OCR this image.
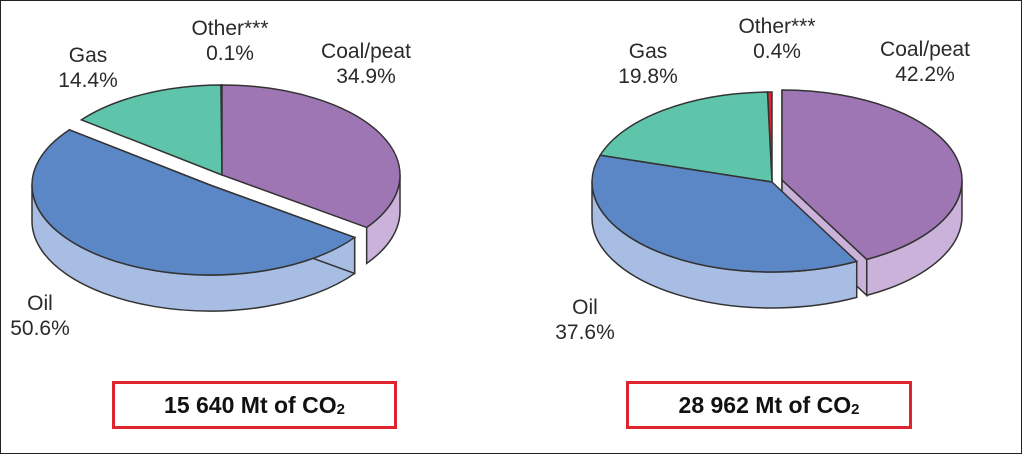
Coal/peat
34.9%
Oil
50.6%
Gas
14.4%
Other***
0.1%	Coal/peat
42.2%
Oil
37.6%
Gas
19.8%
Other***
0.4%
15 640 Mt of $CO_2$	28 962 Mt of $CO_2$
